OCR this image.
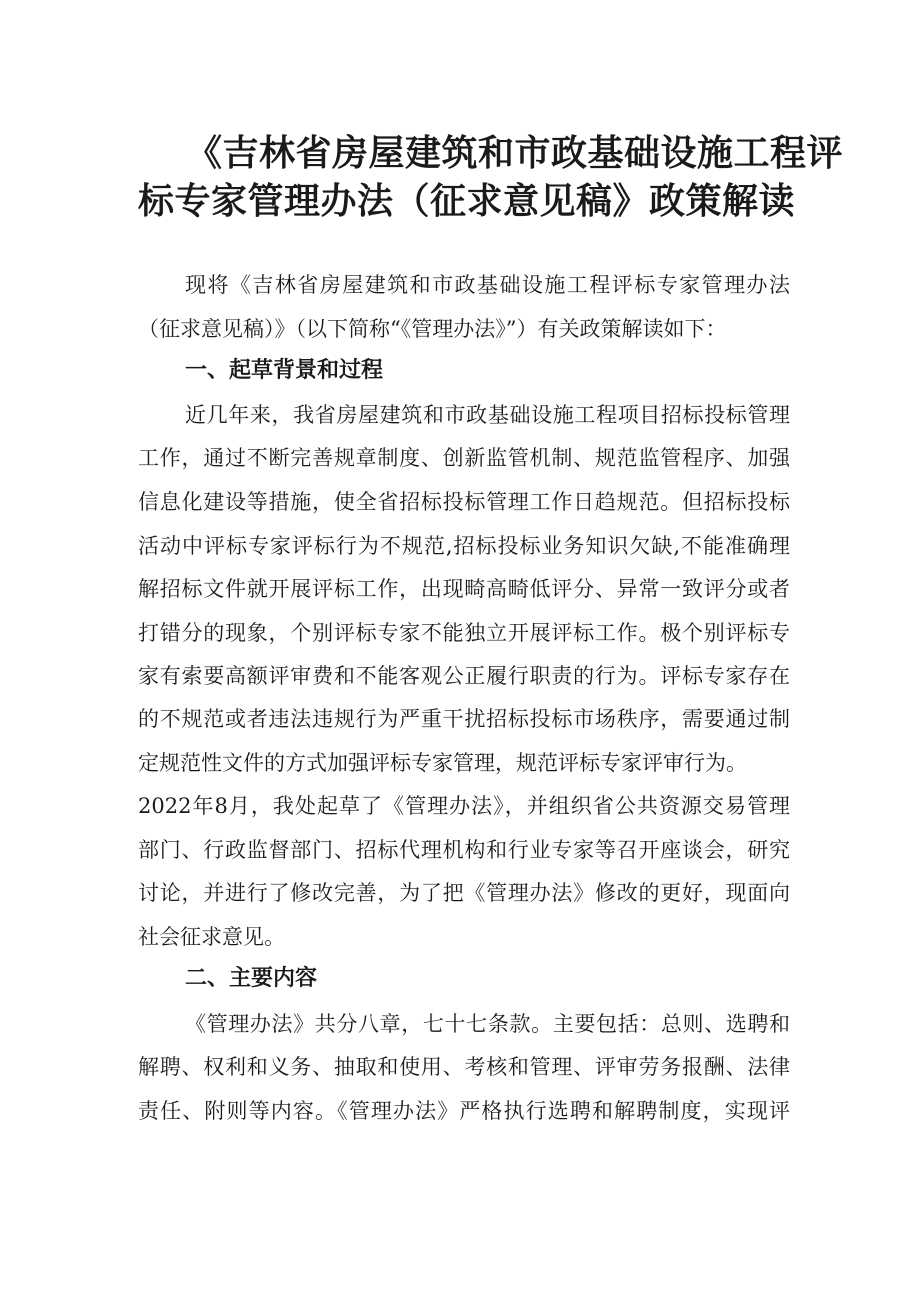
《吉林省房屋建筑和市政基础设施工程评
标专家管理办法（征求意见稿》政策解读
现将《吉林省房屋建筑和市政基础设施工程评标专家管理办法
（征求意见稿）》（以下简称“《管理办法》”）有关政策解读如下：
一、起草背景和过程
近几年来，我省房屋建筑和市政基础设施工程项目招标投标管理
工作，通过不断完善规章制度、创新监管机制、规范监管程序、加强
信息化建设等措施，使全省招标投标管理工作日趋规范。但招标投标
活动中评标专家评标行为不规范,招标投标业务知识欠缺,不能准确理
解招标文件就开展评标工作，出现畸高畸低评分、异常一致评分或者
打错分的现象，个别评标专家不能独立开展评标工作。极个别评标专
家有索要高额评审费和不能客观公正履行职责的行为。评标专家存在
的不规范或者违法违规行为严重干扰招标投标市场秩序，需要通过制
定规范性文件的方式加强评标专家管理，规范评标专家评审行为。
2022年8月，我处起草了《管理办法》，并组织省公共资源交易管理
部门、行政监督部门、招标代理机构和行业专家等召开座谈会，研究
讨论，并进行了修改完善，为了把《管理办法》修改的更好，现面向
社会征求意见。
二、主要内容
《管理办法》共分八章，七十七条款。主要包括：总则、选聘和
解聘、权利和义务、抽取和使用、考核和管理、评审劳务报酬、法律
责任、附则等内容。《管理办法》严格执行选聘和解聘制度，实现评
